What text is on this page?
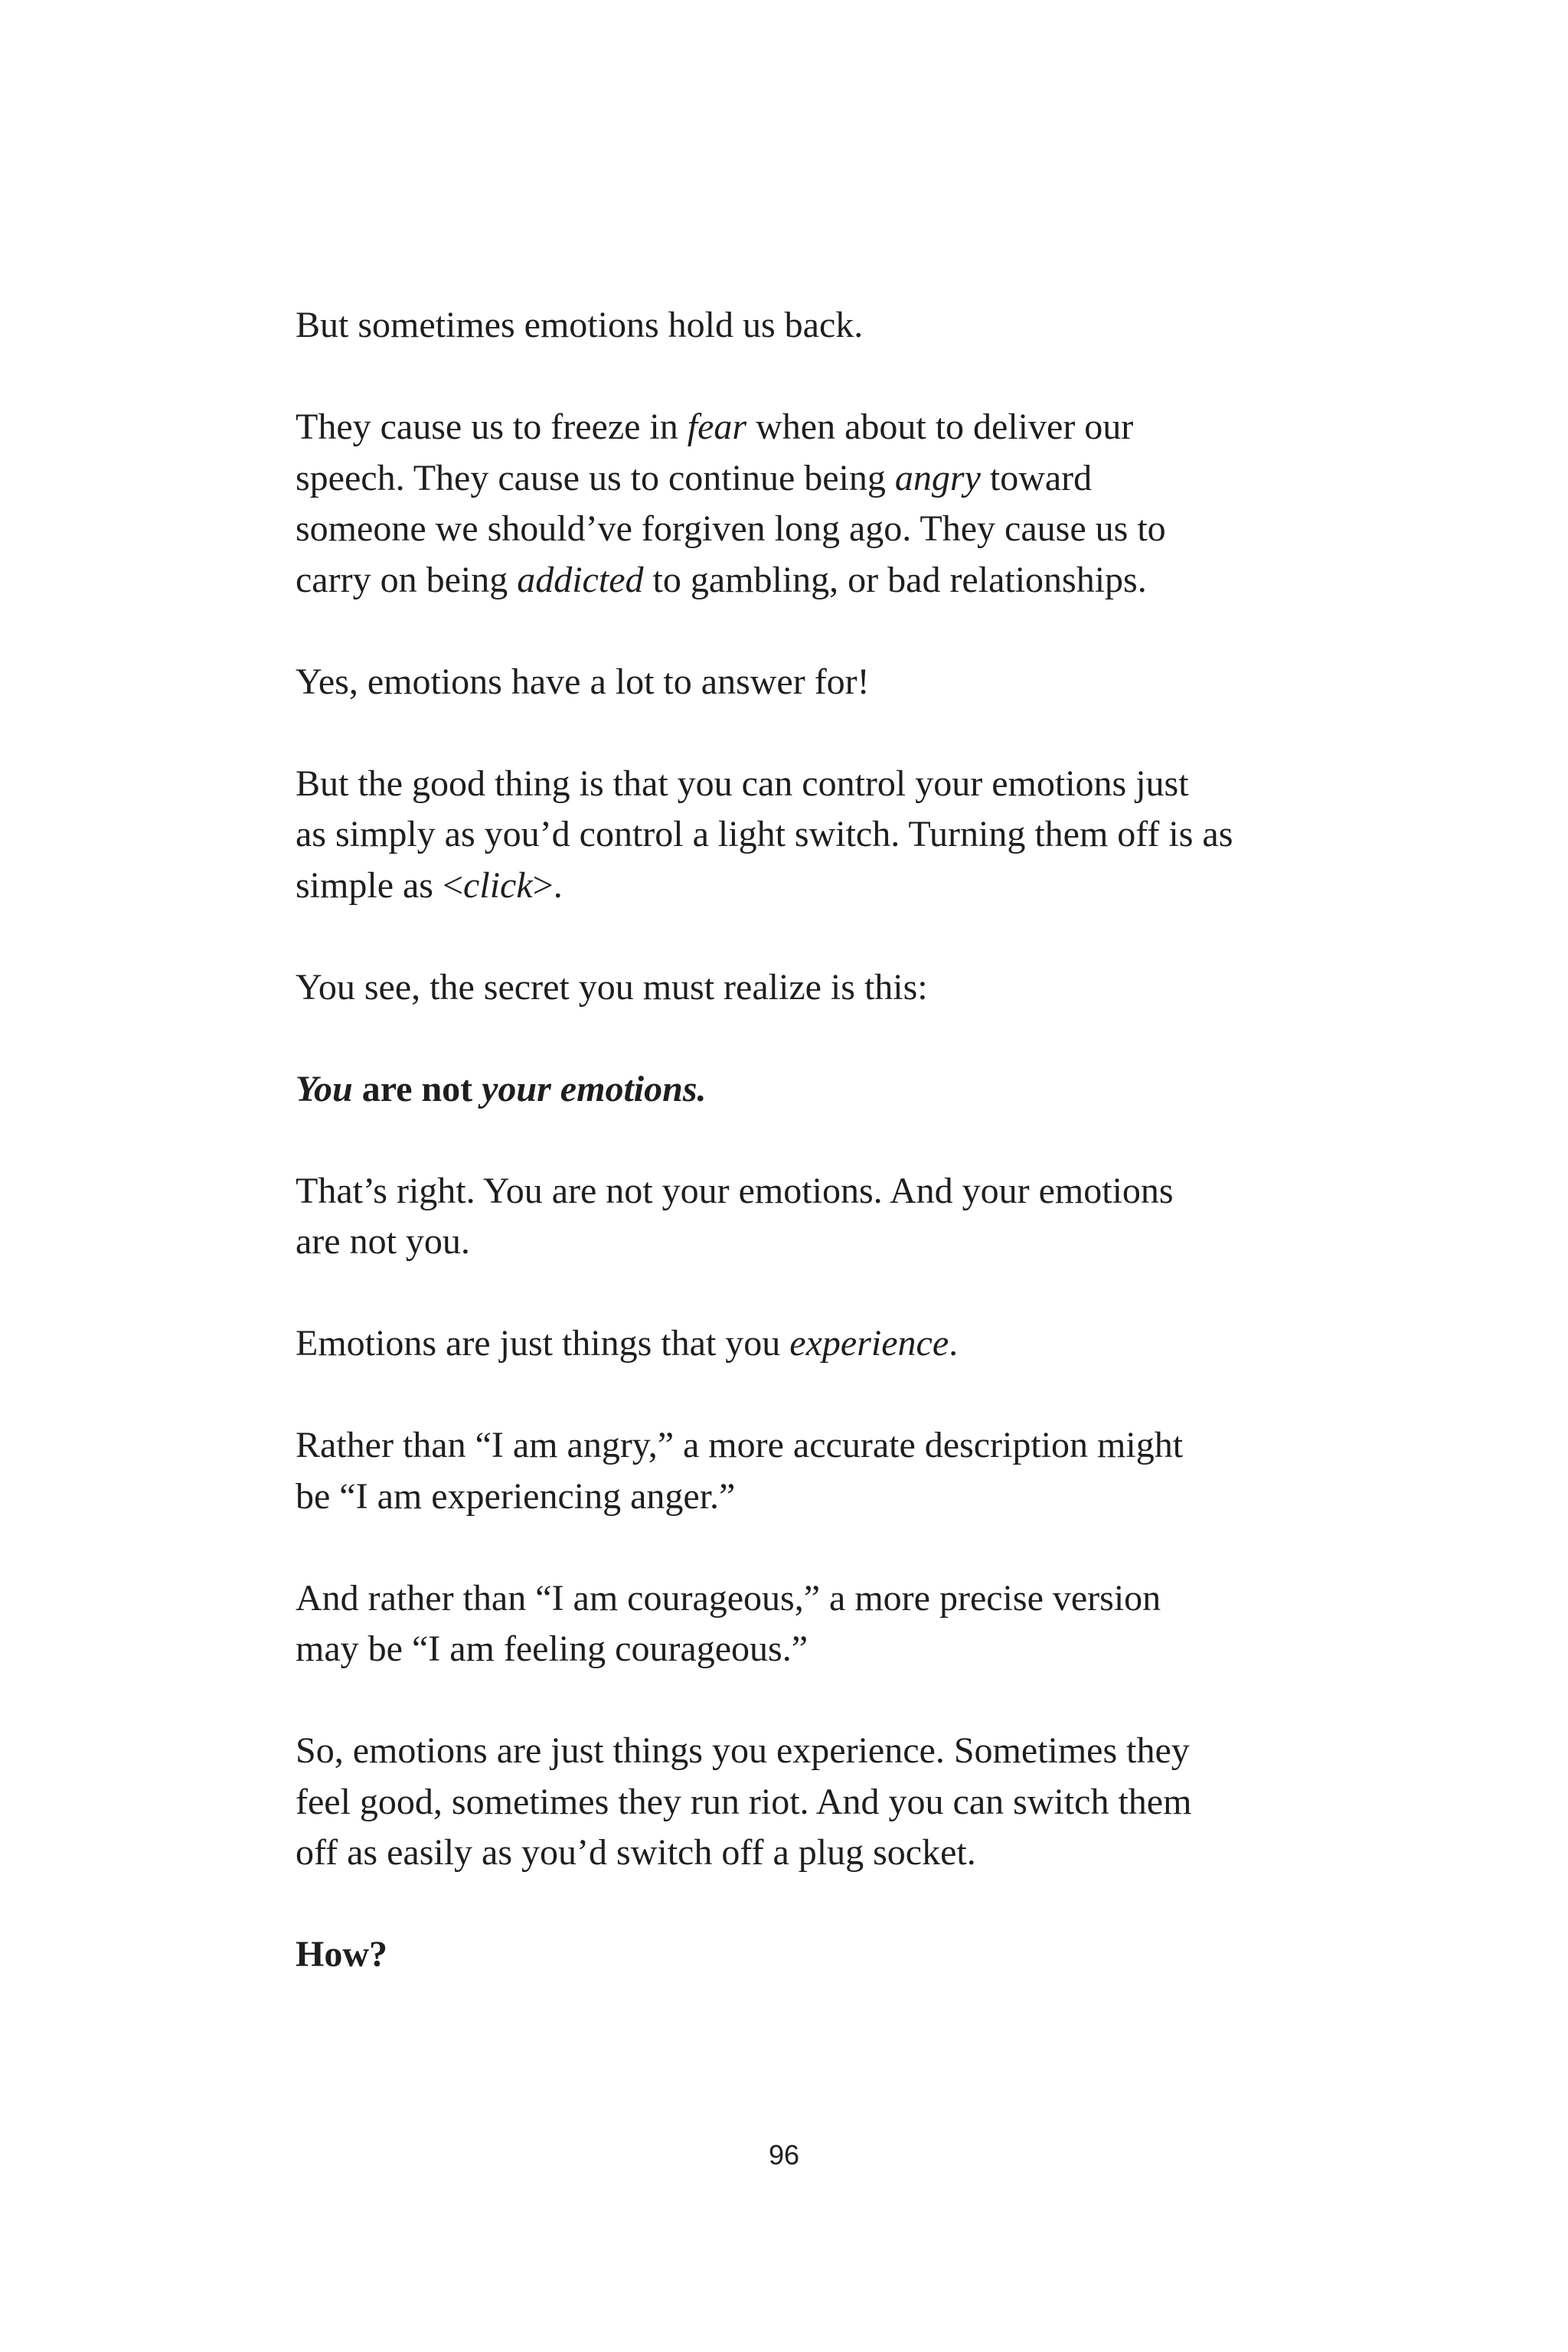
But sometimes emotions hold us back.

They cause us to freeze in fear when about to deliver our
speech. They cause us to continue being angry toward
someone we should’ve forgiven long ago. They cause us to
carry on being addicted to gambling, or bad relationships.

Yes, emotions have a lot to answer for!

But the good thing is that you can control your emotions just
as simply as you’d control a light switch. Turning them off is as
simple as <click>.

You see, the secret you must realize is this:

You are not your emotions.

That’s right. You are not your emotions. And your emotions
are not you.

Emotions are just things that you experience.

Rather than “I am angry,” a more accurate description might
be “I am experiencing anger.”

And rather than “I am courageous,” a more precise version
may be “I am feeling courageous.”

So, emotions are just things you experience. Sometimes they
feel good, sometimes they run riot. And you can switch them
off as easily as you’d switch off a plug socket.

How?

96
